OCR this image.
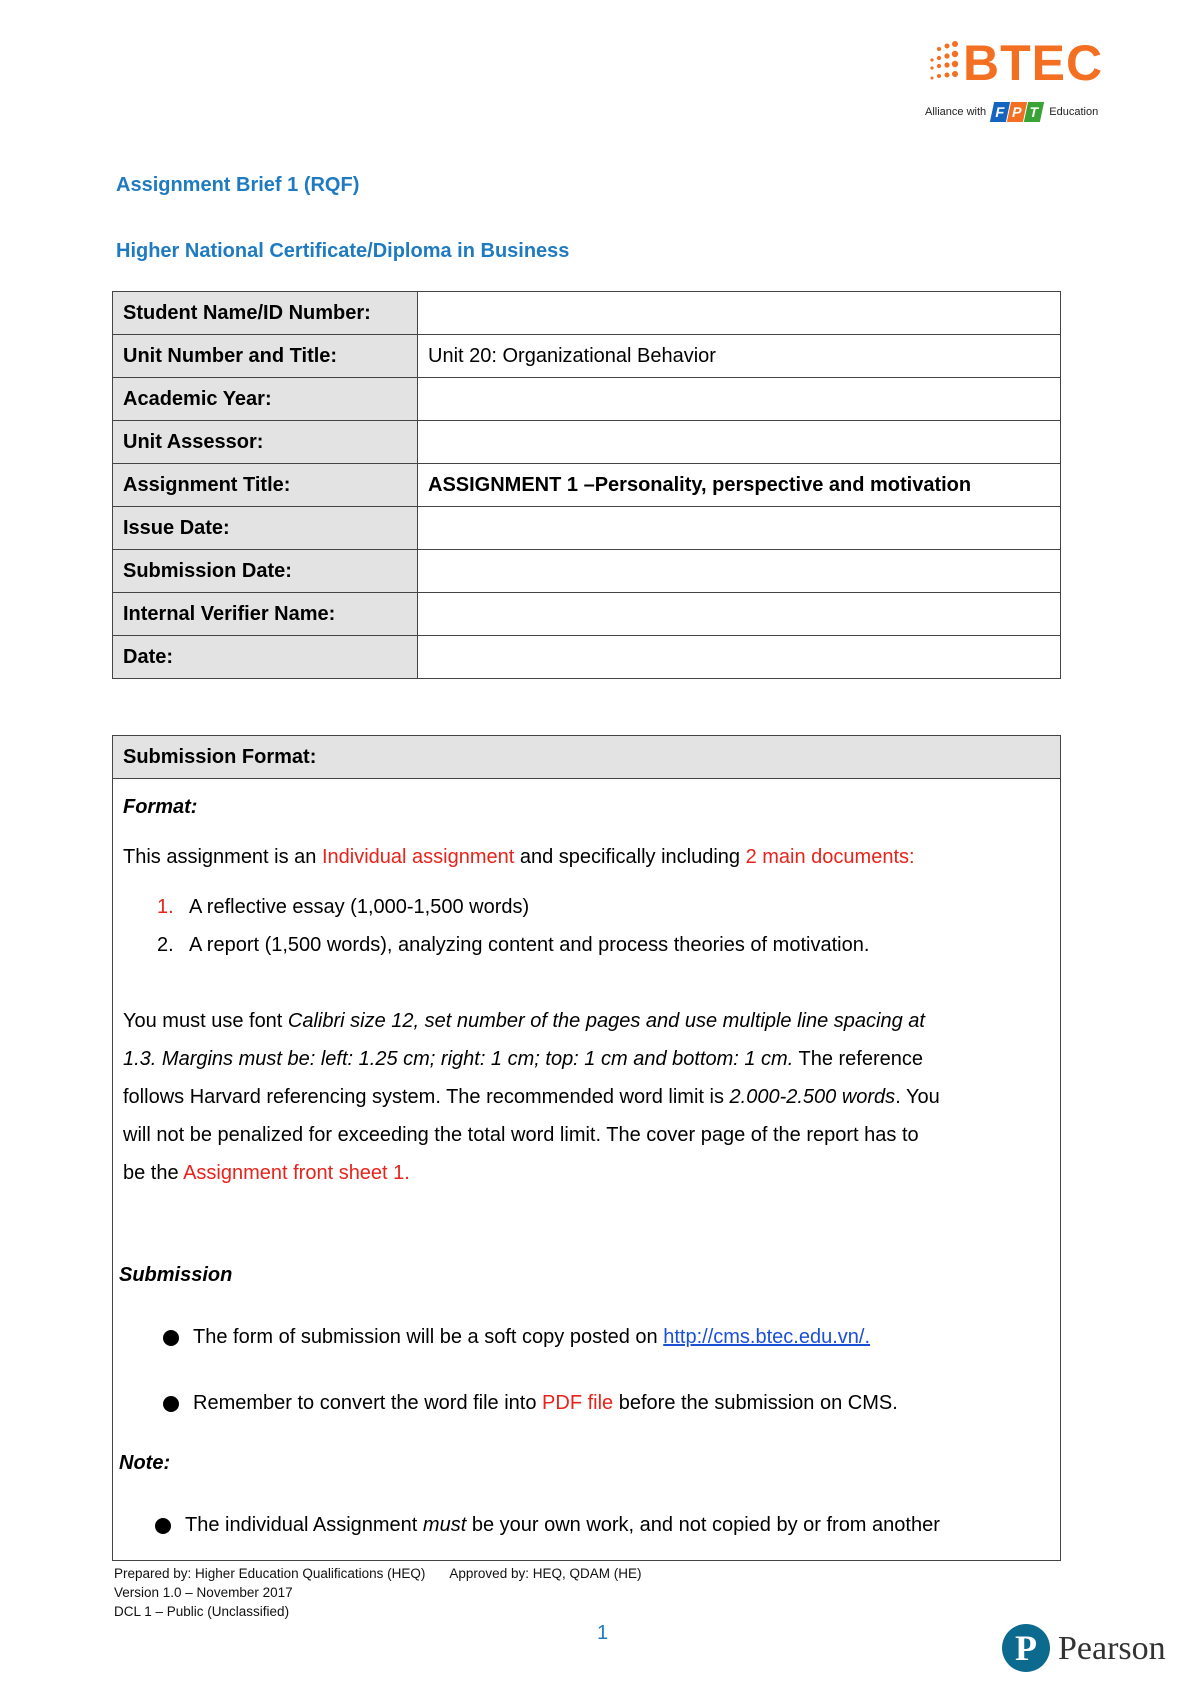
BTEC
Alliance with F P T Education
Assignment Brief 1 (RQF)
Higher National Certificate/Diploma in Business
Student Name/ID Number:	
Unit Number and Title:	Unit 20: Organizational Behavior
Academic Year:	
Unit Assessor:	
Assignment Title:	ASSIGNMENT 1 –Personality, perspective and motivation
Issue Date:	
Submission Date:	
Internal Verifier Name:	
Date:	
Submission Format:
Format:
This assignment is an Individual assignment and specifically including 2 main documents:
1. A reflective essay (1,000-1,500 words)
2. A report (1,500 words), analyzing content and process theories of motivation.
You must use font Calibri size 12, set number of the pages and use multiple line spacing at
1.3. Margins must be: left: 1.25 cm; right: 1 cm; top: 1 cm and bottom: 1 cm. The reference
follows Harvard referencing system. The recommended word limit is 2.000-2.500 words. You
will not be penalized for exceeding the total word limit. The cover page of the report has to
be the Assignment front sheet 1.
Submission
The form of submission will be a soft copy posted on http://cms.btec.edu.vn/.
Remember to convert the word file into PDF file before the submission on CMS.
Note:
The individual Assignment must be your own work, and not copied by or from another
Prepared by: Higher Education Qualifications (HEQ) Approved by: HEQ, QDAM (HE)
Version 1.0 – November 2017
DCL 1 – Public (Unclassified)
1	P Pearson
